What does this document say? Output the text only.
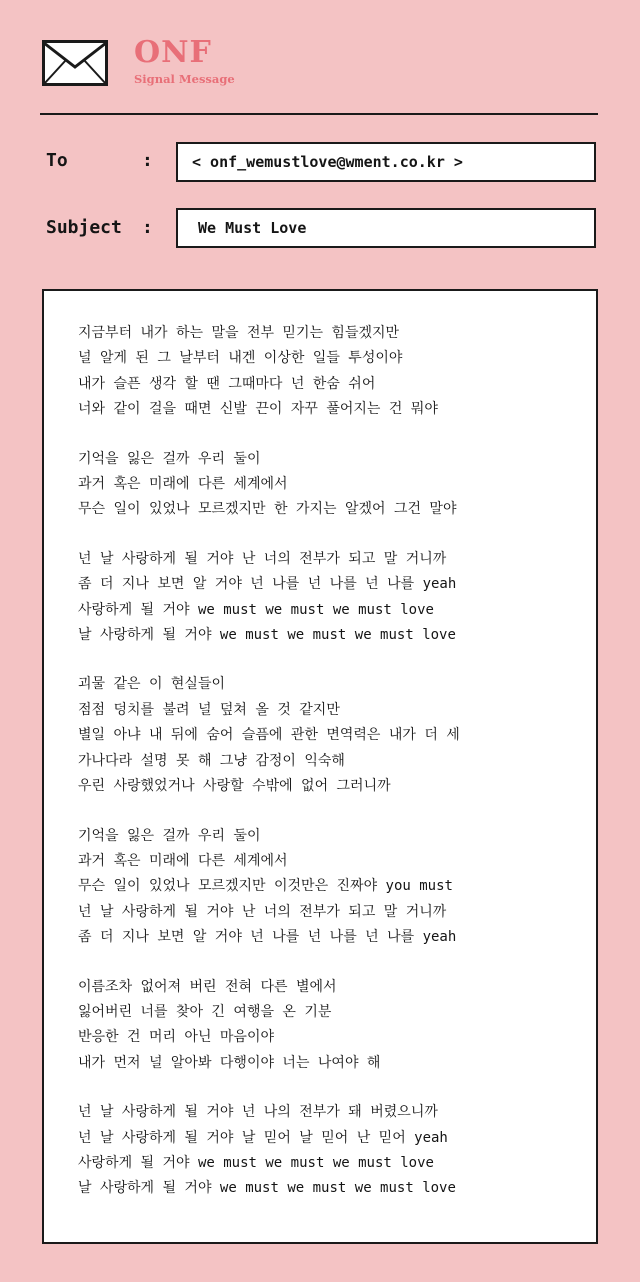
ONF
Signal Message
To	:	< onf_wemustlove@wment.co.kr >
Subject :	We Must Love
지금부터 내가 하는 말을 전부 믿기는 힘들겠지만
널 알게 된 그 날부터 내겐 이상한 일들 투성이야
내가 슬픈 생각 할 땐 그때마다 넌 한숨 쉬어
너와 같이 걸을 때면 신발 끈이 자꾸 풀어지는 건 뭐야
기억을 잃은 걸까 우리 둘이
과거 혹은 미래에 다른 세계에서
무슨 일이 있었나 모르겠지만 한 가지는 알겠어 그건 말야
넌 날 사랑하게 될 거야 난 너의 전부가 되고 말 거니까
좀 더 지나 보면 알 거야 넌 나를 넌 나를 넌 나를 yeah
사랑하게 될 거야 we must we must we must love
날 사랑하게 될 거야 we must we must we must love
괴물 같은 이 현실들이
점점 덩치를 불려 널 덮쳐 올 것 같지만
별일 아냐 내 뒤에 숨어 슬픔에 관한 면역력은 내가 더 세
가나다라 설명 못 해 그냥 감정이 익숙해
우린 사랑했었거나 사랑할 수밖에 없어 그러니까
기억을 잃은 걸까 우리 둘이
과거 혹은 미래에 다른 세계에서
무슨 일이 있었나 모르겠지만 이것만은 진짜야 you must
넌 날 사랑하게 될 거야 난 너의 전부가 되고 말 거니까
좀 더 지나 보면 알 거야 넌 나를 넌 나를 넌 나를 yeah
이름조차 없어져 버린 전혀 다른 별에서
잃어버린 너를 찾아 긴 여행을 온 기분
반응한 건 머리 아닌 마음이야
내가 먼저 널 알아봐 다행이야 너는 나여야 해
넌 날 사랑하게 될 거야 넌 나의 전부가 돼 버렸으니까
넌 날 사랑하게 될 거야 날 믿어 날 믿어 난 믿어 yeah
사랑하게 될 거야 we must we must we must love
날 사랑하게 될 거야 we must we must we must love
